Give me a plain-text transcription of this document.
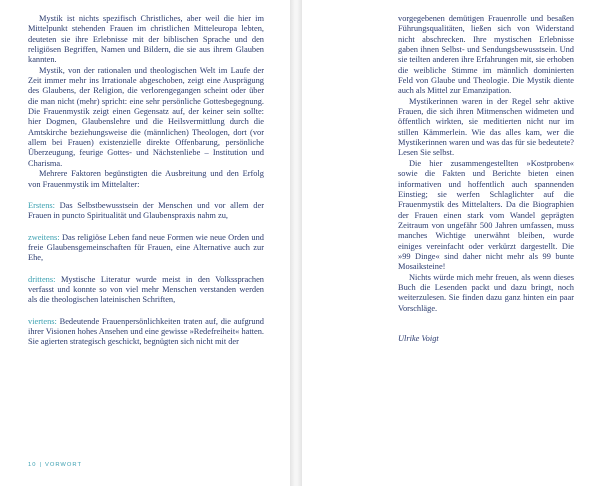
Mystik ist nichts spezifisch Christliches, aber weil die hier im Mittelpunkt stehenden Frauen im christlichen Mitteleuropa lebten, deuteten sie ihre Erlebnisse mit der biblischen Sprache und den religiösen Begriffen, Namen und Bildern, die sie aus ihrem Glauben kannten.

Mystik, von der rationalen und theologischen Welt im Laufe der Zeit immer mehr ins Irrationale abgeschoben, zeigt eine Ausprägung des Glaubens, der Religion, die verlorengegangen scheint oder über die man nicht (mehr) spricht: eine sehr persönliche Gottesbegegnung. Die Frauenmystik zeigt einen Gegensatz auf, der keiner sein sollte: hier Dogmen, Glaubenslehre und die Heilsvermittlung durch die Amtskirche beziehungsweise die (männlichen) Theologen, dort (vor allem bei Frauen) existenzielle direkte Offenbarung, persönliche Überzeugung, feurige Gottes- und Nächstenliebe – Institution und Charisma.

Mehrere Faktoren begünstigten die Ausbreitung und den Erfolg von Frauenmystik im Mittelalter:

Erstens: Das Selbstbewusstsein der Menschen und vor allem der Frauen in puncto Spiritualität und Glaubenspraxis nahm zu,

zweitens: Das religiöse Leben fand neue Formen wie neue Orden und freie Glaubensgemeinschaften für Frauen, eine Alternative auch zur Ehe,

drittens: Mystische Literatur wurde meist in den Volkssprachen verfasst und konnte so von viel mehr Menschen verstanden werden als die theologischen lateinischen Schriften,

viertens: Bedeutende Frauenpersönlichkeiten traten auf, die aufgrund ihrer Visionen hohes Ansehen und eine gewisse »Redefreiheit« hatten. Sie agierten strategisch geschickt, begnügten sich nicht mit der

10 | VORWORT

vorgegebenen demütigen Frauenrolle und besaßen Führungsqualitäten, ließen sich von Widerstand nicht abschrecken. Ihre mystischen Erlebnisse gaben ihnen Selbst- und Sendungsbewusstsein. Und sie teilten anderen ihre Erfahrungen mit, sie erhoben die weibliche Stimme im männlich dominierten Feld von Glaube und Theologie. Die Mystik diente auch als Mittel zur Emanzipation.

Mystikerinnen waren in der Regel sehr aktive Frauen, die sich ihren Mitmenschen widmeten und öffentlich wirkten, sie meditierten nicht nur im stillen Kämmerlein. Wie das alles kam, wer die Mystikerinnen waren und was das für sie bedeutete? Lesen Sie selbst.

Die hier zusammengestellten »Kostproben« sowie die Fakten und Berichte bieten einen informativen und hoffentlich auch spannenden Einstieg; sie werfen Schlaglichter auf die Frauenmystik des Mittelalters. Da die Biographien der Frauen einen stark vom Wandel geprägten Zeitraum von ungefähr 500 Jahren umfassen, muss manches Wichtige unerwähnt bleiben, wurde einiges vereinfacht oder verkürzt dargestellt. Die »99 Dinge« sind daher nicht mehr als 99 bunte Mosaiksteine!

Nichts würde mich mehr freuen, als wenn dieses Buch die Lesenden packt und dazu bringt, noch weiterzulesen. Sie finden dazu ganz hinten ein paar Vorschläge.

Ulrike Voigt
